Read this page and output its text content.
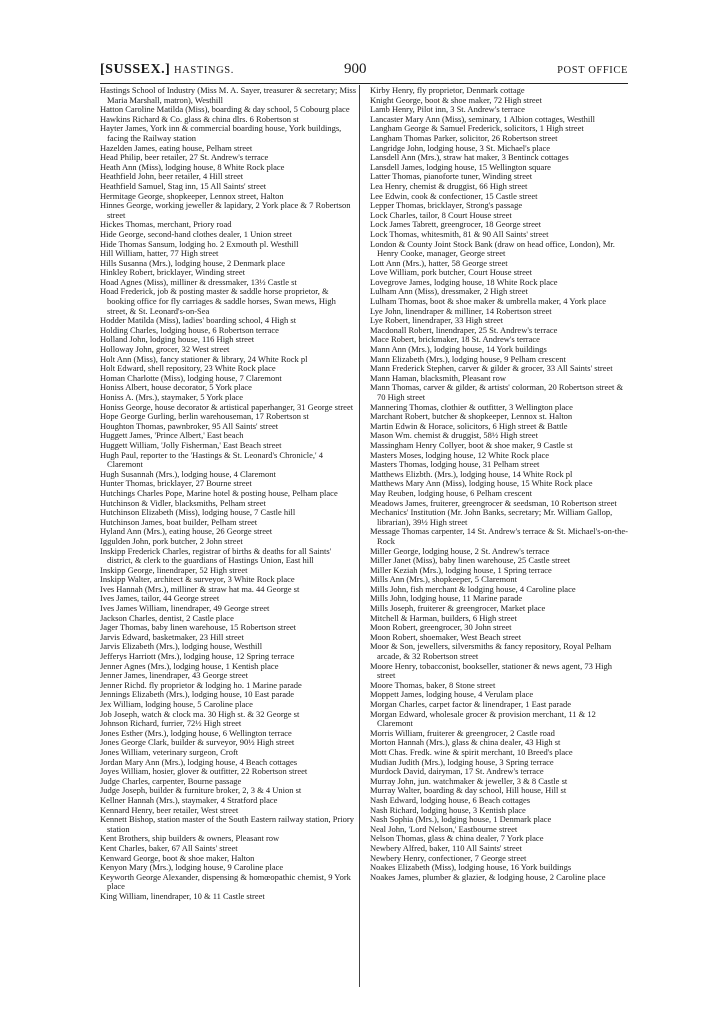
[SUSSEX.] HASTINGS.	900	POST OFFICE
Hastings School of Industry (Miss M. A. Sayer, treasurer & secretary; Miss Maria Marshall, matron), Westhill
Hatton Caroline Matilda (Miss), boarding & day school, 5 Cobourg place
Hawkins Richard & Co. glass & china dlrs. 6 Robertson st
Hayter James, York inn & commercial boarding house, York buildings, facing the Railway station
Hazelden James, eating house, Pelham street
Head Philip, beer retailer, 27 St. Andrew's terrace
Heath Ann (Miss), lodging house, 8 White Rock place
Heathfield John, beer retailer, 4 Hill street
Heathfield Samuel, Stag inn, 15 All Saints' street
Hermitage George, shopkeeper, Lennox street, Halton
Hinnes George, working jeweller & lapidary, 2 York place & 7 Robertson street
Hickes Thomas, merchant, Priory road
Hide George, second-hand clothes dealer, 1 Union street
Hide Thomas Sansum, lodging ho. 2 Exmouth pl. Westhill
Hill William, hatter, 77 High street
Hills Susanna (Mrs.), lodging house, 2 Denmark place
Hinkley Robert, bricklayer, Winding street
Hoad Agnes (Miss), milliner & dressmaker, 13½ Castle st
Hoad Frederick, job & posting master & saddle horse proprietor, & booking office for fly carriages & saddle horses, Swan mews, High street, & St. Leonard's-on-Sea
Hodder Matilda (Miss), ladies' boarding school, 4 High st
Holding Charles, lodging house, 6 Robertson terrace
Holland John, lodging house, 116 High street
Holloway John, grocer, 32 West street
Holt Ann (Miss), fancy stationer & library, 24 White Rock pl
Holt Edward, shell repository, 23 White Rock place
Homan Charlotte (Miss), lodging house, 7 Claremont
Honiss Albert, house decorator, 5 York place
Honiss A. (Mrs.), staymaker, 5 York place
Honiss George, house decorator & artistical paperhanger, 31 George street
Hope George Gurling, berlin warehouseman, 17 Robertson st
Houghton Thomas, pawnbroker, 95 All Saints' street
Huggett James, 'Prince Albert,' East beach
Huggett William, 'Jolly Fisherman,' East Beach street
Hugh Paul, reporter to the 'Hastings & St. Leonard's Chronicle,' 4 Claremont
Hugh Susannah (Mrs.), lodging house, 4 Claremont
Hunter Thomas, bricklayer, 27 Bourne street
Hutchings Charles Pope, Marine hotel & posting house, Pelham place
Hutchinson & Vidler, blacksmiths, Pelham street
Hutchinson Elizabeth (Miss), lodging house, 7 Castle hill
Hutchinson James, boat builder, Pelham street
Hyland Ann (Mrs.), eating house, 26 George street
Iggulden John, pork butcher, 2 John street
Inskipp Frederick Charles, registrar of births & deaths for all Saints' district, & clerk to the guardians of Hastings Union, East hill
Inskipp George, linendraper, 52 High street
Inskipp Walter, architect & surveyor, 3 White Rock place
Ives Hannah (Mrs.), milliner & straw hat ma. 44 George st
Ives James, tailor, 44 George street
Ives James William, linendraper, 49 George street
Jackson Charles, dentist, 2 Castle place
Jager Thomas, baby linen warehouse, 15 Robertson street
Jarvis Edward, basketmaker, 23 Hill street
Jarvis Elizabeth (Mrs.), lodging house, Westhill
Jefferys Harriott (Mrs.), lodging house, 12 Spring terrace
Jenner Agnes (Mrs.), lodging house, 1 Kentish place
Jenner James, linendraper, 43 George street
Jenner Richd. fly proprietor & lodging ho. 1 Marine parade
Jennings Elizabeth (Mrs.), lodging house, 10 East parade
Jex William, lodging house, 5 Caroline place
Job Joseph, watch & clock ma. 30 High st. & 32 George st
Johnson Richard, furrier, 72½ High street
Jones Esther (Mrs.), lodging house, 6 Wellington terrace
Jones George Clark, builder & surveyor, 90½ High street
Jones William, veterinary surgeon, Croft
Jordan Mary Ann (Mrs.), lodging house, 4 Beach cottages
Joyes William, hosier, glover & outfitter, 22 Robertson street
Judge Charles, carpenter, Bourne passage
Judge Joseph, builder & furniture broker, 2, 3 & 4 Union st
Kellner Hannah (Mrs.), staymaker, 4 Stratford place
Kennard Henry, beer retailer, West street
Kennett Bishop, station master of the South Eastern railway station, Priory station
Kent Brothers, ship builders & owners, Pleasant row
Kent Charles, baker, 67 All Saints' street
Kenward George, boot & shoe maker, Halton
Kenyon Mary (Mrs.), lodging house, 9 Caroline place
Keyworth George Alexander, dispensing & homœopathic chemist, 9 York place
King William, linendraper, 10 & 11 Castle street
Kirby Henry, fly proprietor, Denmark cottage
Knight George, boot & shoe maker, 72 High street
Lamb Henry, Pilot inn, 3 St. Andrew's terrace
Lancaster Mary Ann (Miss), seminary, 1 Albion cottages, Westhill
Langham George & Samuel Frederick, solicitors, 1 High street
Langham Thomas Parker, solicitor, 26 Robertson street
Langridge John, lodging house, 3 St. Michael's place
Lansdell Ann (Mrs.), straw hat maker, 3 Bentinck cottages
Lansdell James, lodging house, 15 Wellington square
Latter Thomas, pianoforte tuner, Winding street
Lea Henry, chemist & druggist, 66 High street
Lee Edwin, cook & confectioner, 15 Castle street
Lepper Thomas, bricklayer, Strong's passage
Lock Charles, tailor, 8 Court House street
Lock James Tabrett, greengrocer, 18 George street
Lock Thomas, whitesmith, 81 & 90 All Saints' street
London & County Joint Stock Bank (draw on head office, London), Mr. Henry Cooke, manager, George street
Lott Ann (Mrs.), hatter, 58 George street
Love William, pork butcher, Court House street
Lovegrove James, lodging house, 18 White Rock place
Lulham Ann (Miss), dressmaker, 2 High street
Lulham Thomas, boot & shoe maker & umbrella maker, 4 York place
Lye John, linendraper & milliner, 14 Robertson street
Lye Robert, linendraper, 33 High street
Macdonall Robert, linendraper, 25 St. Andrew's terrace
Mace Robert, brickmaker, 18 St. Andrew's terrace
Mann Ann (Mrs.), lodging house, 14 York buildings
Mann Elizabeth (Mrs.), lodging house, 9 Pelham crescent
Mann Frederick Stephen, carver & gilder & grocer, 33 All Saints' street
Mann Haman, blacksmith, Pleasant row
Mann Thomas, carver & gilder, & artists' colorman, 20 Robertson street & 70 High street
Mannering Thomas, clothier & outfitter, 3 Wellington place
Marchant Robert, butcher & shopkeeper, Lennox st. Halton
Martin Edwin & Horace, solicitors, 6 High street & Battle
Mason Wm. chemist & druggist, 58½ High street
Massingham Henry Collyer, boot & shoe maker, 9 Castle st
Masters Moses, lodging house, 12 White Rock place
Masters Thomas, lodging house, 31 Pelham street
Matthews Elizbth. (Mrs.), lodging house, 14 White Rock pl
Matthews Mary Ann (Miss), lodging house, 15 White Rock place
May Reuben, lodging house, 6 Pelham crescent
Meadows James, fruiterer, greengrocer & seedsman, 10 Robertson street
Mechanics' Institution (Mr. John Banks, secretary; Mr. William Gallop, librarian), 39½ High street
Message Thomas carpenter, 14 St. Andrew's terrace & St. Michael's-on-the-Rock
Miller George, lodging house, 2 St. Andrew's terrace
Miller Janet (Miss), baby linen warehouse, 25 Castle street
Miller Keziah (Mrs.), lodging house, 1 Spring terrace
Mills Ann (Mrs.), shopkeeper, 5 Claremont
Mills John, fish merchant & lodging house, 4 Caroline place
Mills John, lodging house, 11 Marine parade
Mills Joseph, fruiterer & greengrocer, Market place
Mitchell & Harman, builders, 6 High street
Moon Robert, greengrocer, 30 John street
Moon Robert, shoemaker, West Beach street
Moor & Son, jewellers, silversmiths & fancy repository, Royal Pelham arcade, & 32 Robertson street
Moore Henry, tobacconist, bookseller, stationer & news agent, 73 High street
Moore Thomas, baker, 8 Stone street
Moppett James, lodging house, 4 Verulam place
Morgan Charles, carpet factor & linendraper, 1 East parade
Morgan Edward, wholesale grocer & provision merchant, 11 & 12 Claremont
Morris William, fruiterer & greengrocer, 2 Castle road
Morton Hannah (Mrs.), glass & china dealer, 43 High st
Mott Chas. Fredk. wine & spirit merchant, 10 Breed's place
Mudian Judith (Mrs.), lodging house, 3 Spring terrace
Murdock David, dairyman, 17 St. Andrew's terrace
Murray John, jun. watchmaker & jeweller, 3 & 8 Castle st
Murray Walter, boarding & day school, Hill house, Hill st
Nash Edward, lodging house, 6 Beach cottages
Nash Richard, lodging house, 3 Kentish place
Nash Sophia (Mrs.), lodging house, 1 Denmark place
Neal John, 'Lord Nelson,' Eastbourne street
Nelson Thomas, glass & china dealer, 7 York place
Newbery Alfred, baker, 110 All Saints' street
Newbery Henry, confectioner, 7 George street
Noakes Elizabeth (Miss), lodging house, 16 York buildings
Noakes James, plumber & glazier, & lodging house, 2 Caroline place
